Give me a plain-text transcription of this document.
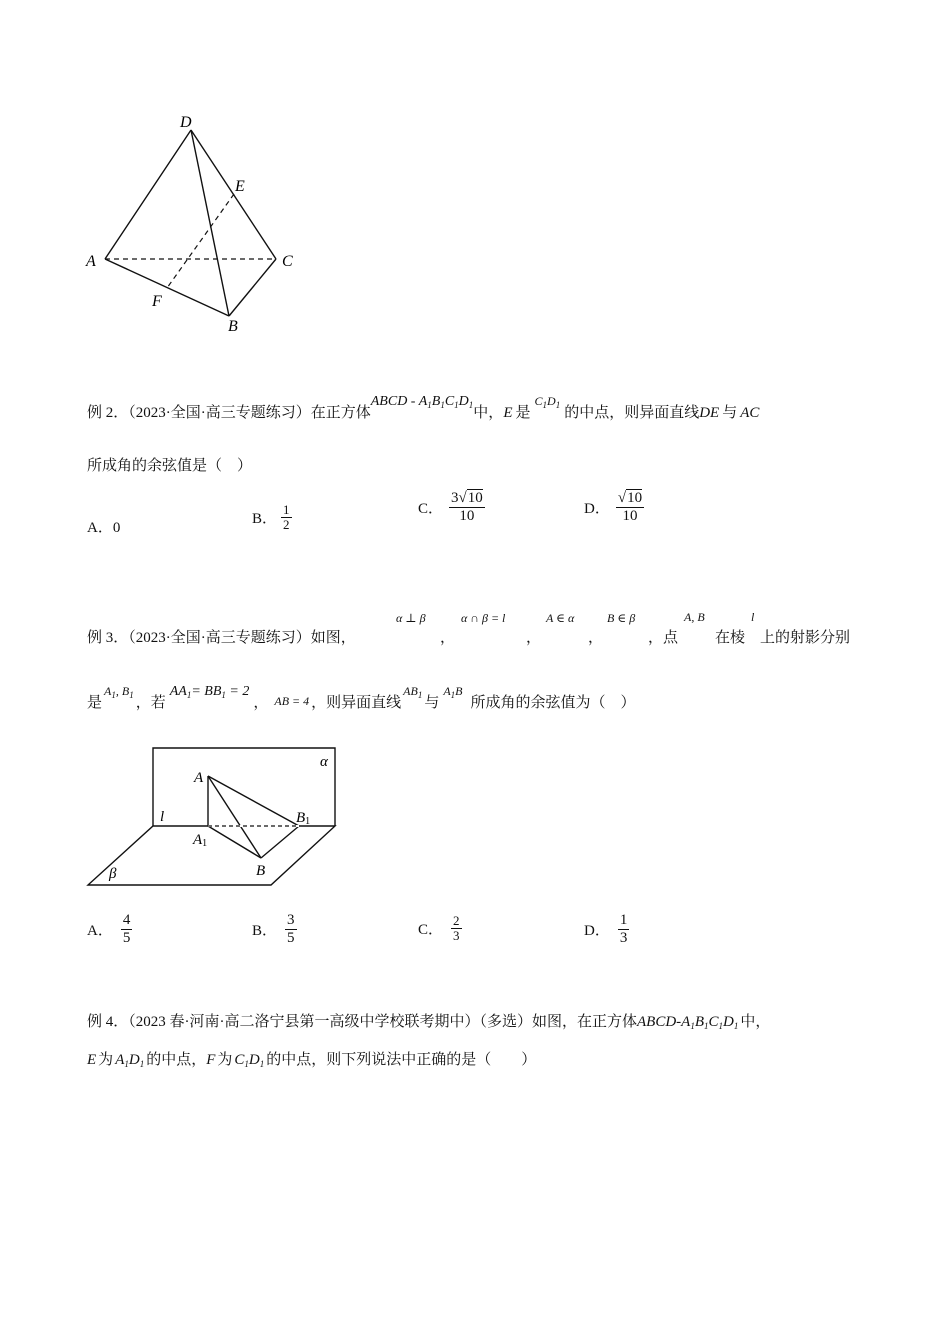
D
E
A	C
F
B
例 2．（2023·全国·高三专题练习）在正方体ABCD - $A_1B_1C_1D_1$中，E 是$^{C_1D_1}$ 的中点，则异面直线DE 与 AC
所成角的余弦值是（　）
A．0
B． $\frac{1}{2}$	C． $\frac{3√10}{10}$	D． $\frac{√10}{10}$
例 3．（2023·全国·高三专题练习）如图，
α ⊥ β
，
α ∩ β = l
，
A ∈ α
，
B ∈ β
，点
A, B
在棱
l
上的射影分别
是$^{A_1, B_1}$ ，若$AA_1= BB_1 = 2$， AB = 4 ，则异面直线$^{AB_1}$ 与$^{A_1B}$所成角的余弦值为（　）
α
A
l	B1
A1
β	B
A． $\frac{4}{5}$	B． $\frac{3}{5}$	C． $\frac{2}{3}$	D． $\frac{1}{3}$
例 4．（2023 春·河南·高二洛宁县第一高级中学校联考期中）（多选）如图，在正方体ABCD-$A_1B_1C_1D_1$ 中，
E 为 $A_1D_1$ 的中点，F 为 $C_1D_1$ 的中点，则下列说法中正确的是（　　）
